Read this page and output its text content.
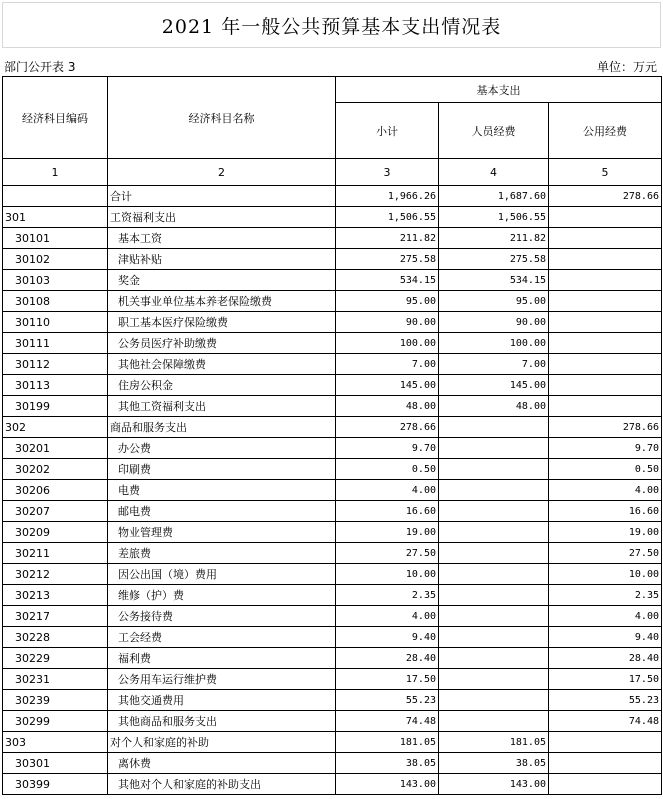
2021 年一般公共预算基本支出情况表
部门公开表 3	单位：万元
经济科目编码	经济科目名称	基本支出		
		小计	人员经费	公用经费
1	2	3	4	5
	合计	1,966.26	1,687.60	278.66
301	工资福利支出	1,506.55	1,506.55	
30101	基本工资	211.82	211.82	
30102	津贴补贴	275.58	275.58	
30103	奖金	534.15	534.15	
30108	机关事业单位基本养老保险缴费	95.00	95.00	
30110	职工基本医疗保险缴费	90.00	90.00	
30111	公务员医疗补助缴费	100.00	100.00	
30112	其他社会保障缴费	7.00	7.00	
30113	住房公积金	145.00	145.00	
30199	其他工资福利支出	48.00	48.00	
302	商品和服务支出	278.66		278.66
30201	办公费	9.70		9.70
30202	印刷费	0.50		0.50
30206	电费	4.00		4.00
30207	邮电费	16.60		16.60
30209	物业管理费	19.00		19.00
30211	差旅费	27.50		27.50
30212	因公出国（境）费用	10.00		10.00
30213	维修（护）费	2.35		2.35
30217	公务接待费	4.00		4.00
30228	工会经费	9.40		9.40
30229	福利费	28.40		28.40
30231	公务用车运行维护费	17.50		17.50
30239	其他交通费用	55.23		55.23
30299	其他商品和服务支出	74.48		74.48
303	对个人和家庭的补助	181.05	181.05	
30301	离休费	38.05	38.05	
30399	其他对个人和家庭的补助支出	143.00	143.00	
